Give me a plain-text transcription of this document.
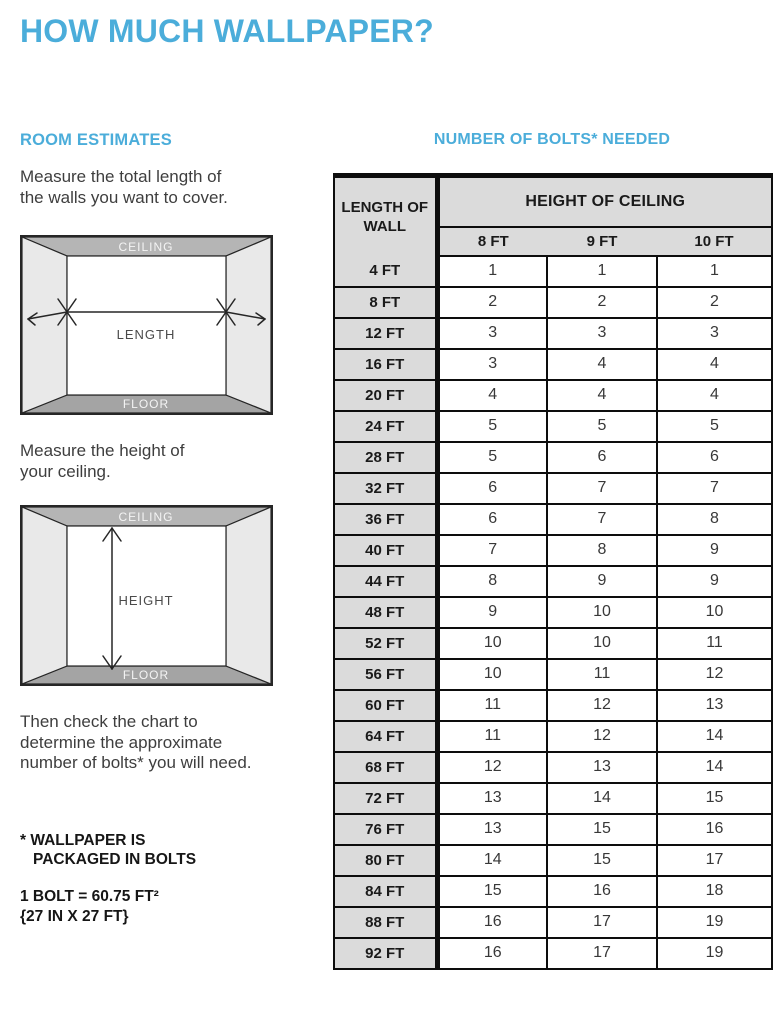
HOW MUCH WALLPAPER?
ROOM ESTIMATES

Measure the total length of
the walls you want to cover.

CEILING
FLOOR
LENGTH

Measure the height of
your ceiling.

CEILING
FLOOR
HEIGHT

Then check the chart to
determine the approximate
number of bolts* you will need.

* WALLPAPER IS
PACKAGED IN BOLTS
1 BOLT = 60.75 FT²
{27 IN X 27 FT}
NUMBER OF BOLTS* NEEDED
LENGTH OF WALL	HEIGHT OF CEILING		
	8 FT	9 FT	10 FT
4 FT	1	1	1
8 FT	2	2	2
12 FT	3	3	3
16 FT	3	4	4
20 FT	4	4	4
24 FT	5	5	5
28 FT	5	6	6
32 FT	6	7	7
36 FT	6	7	8
40 FT	7	8	9
44 FT	8	9	9
48 FT	9	10	10
52 FT	10	10	11
56 FT	10	11	12
60 FT	11	12	13
64 FT	11	12	14
68 FT	12	13	14
72 FT	13	14	15
76 FT	13	15	16
80 FT	14	15	17
84 FT	15	16	18
88 FT	16	17	19
92 FT	16	17	19
